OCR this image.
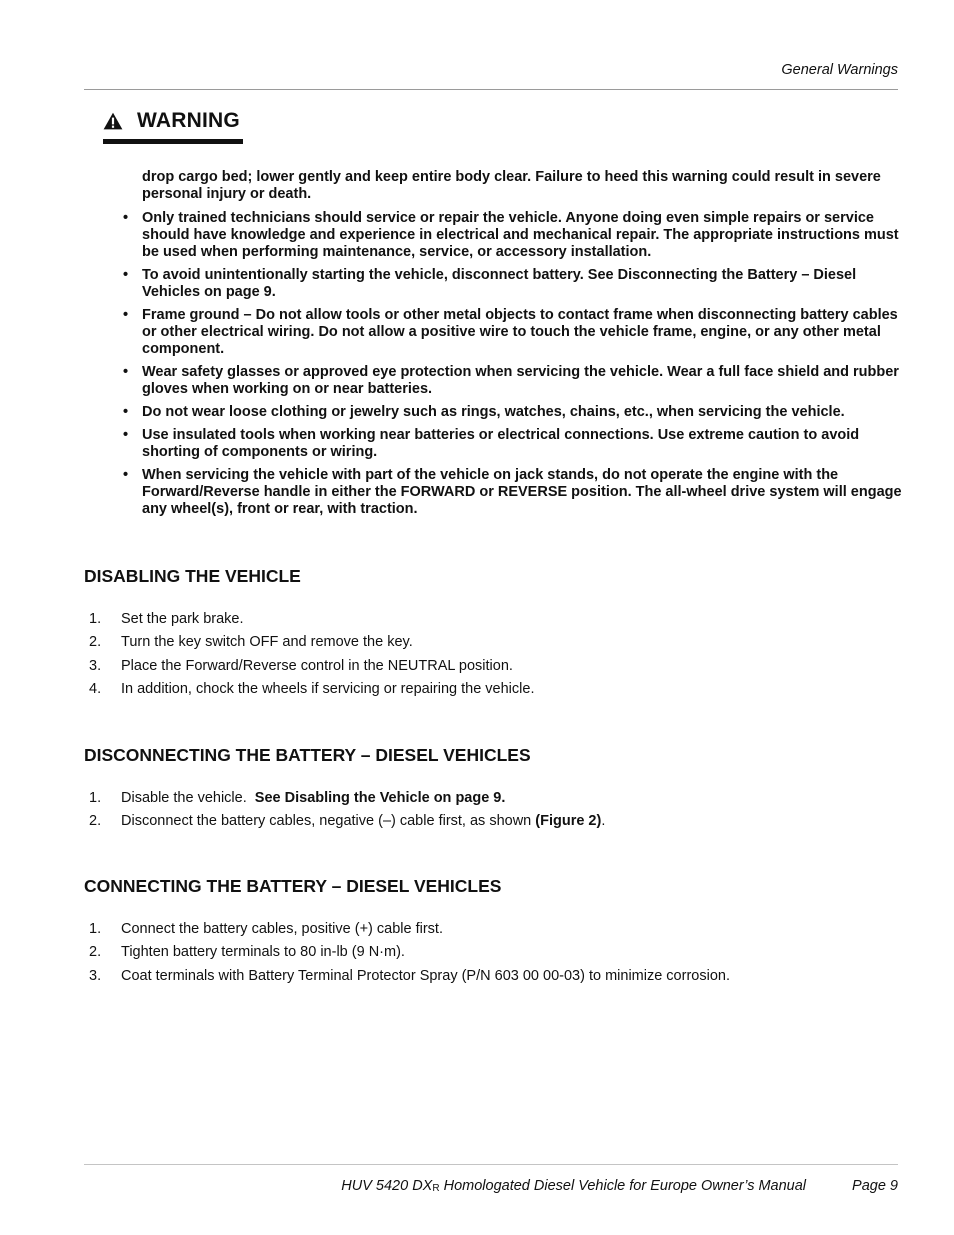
General Warnings
WARNING
drop cargo bed; lower gently and keep entire body clear. Failure to heed this warning could result in severe personal injury or death.
• Only trained technicians should service or repair the vehicle. Anyone doing even simple repairs or service should have knowledge and experience in electrical and mechanical repair. The appropriate instructions must be used when performing maintenance, service, or accessory installation.
• To avoid unintentionally starting the vehicle, disconnect battery. See Disconnecting the Battery – Diesel Vehicles on page 9.
• Frame ground – Do not allow tools or other metal objects to contact frame when disconnecting battery cables or other electrical wiring. Do not allow a positive wire to touch the vehicle frame, engine, or any other metal component.
• Wear safety glasses or approved eye protection when servicing the vehicle. Wear a full face shield and rubber gloves when working on or near batteries.
• Do not wear loose clothing or jewelry such as rings, watches, chains, etc., when servicing the vehicle.
• Use insulated tools when working near batteries or electrical connections. Use extreme caution to avoid shorting of components or wiring.
• When servicing the vehicle with part of the vehicle on jack stands, do not operate the engine with the Forward/Reverse handle in either the FORWARD or REVERSE position. The all-wheel drive system will engage any wheel(s), front or rear, with traction.
DISABLING THE VEHICLE
1. Set the park brake.
2. Turn the key switch OFF and remove the key.
3. Place the Forward/Reverse control in the NEUTRAL position.
4. In addition, chock the wheels if servicing or repairing the vehicle.
DISCONNECTING THE BATTERY – DIESEL VEHICLES
1. Disable the vehicle.  See Disabling the Vehicle on page 9.
2. Disconnect the battery cables, negative (–) cable first, as shown (Figure 2).
CONNECTING THE BATTERY – DIESEL VEHICLES
1. Connect the battery cables, positive (+) cable first.
2. Tighten battery terminals to 80 in-lb (9 N·m).
3. Coat terminals with Battery Terminal Protector Spray (P/N 603 00 00-03) to minimize corrosion.
HUV 5420 DXR Homologated Diesel Vehicle for Europe Owner’s Manual	Page 9
